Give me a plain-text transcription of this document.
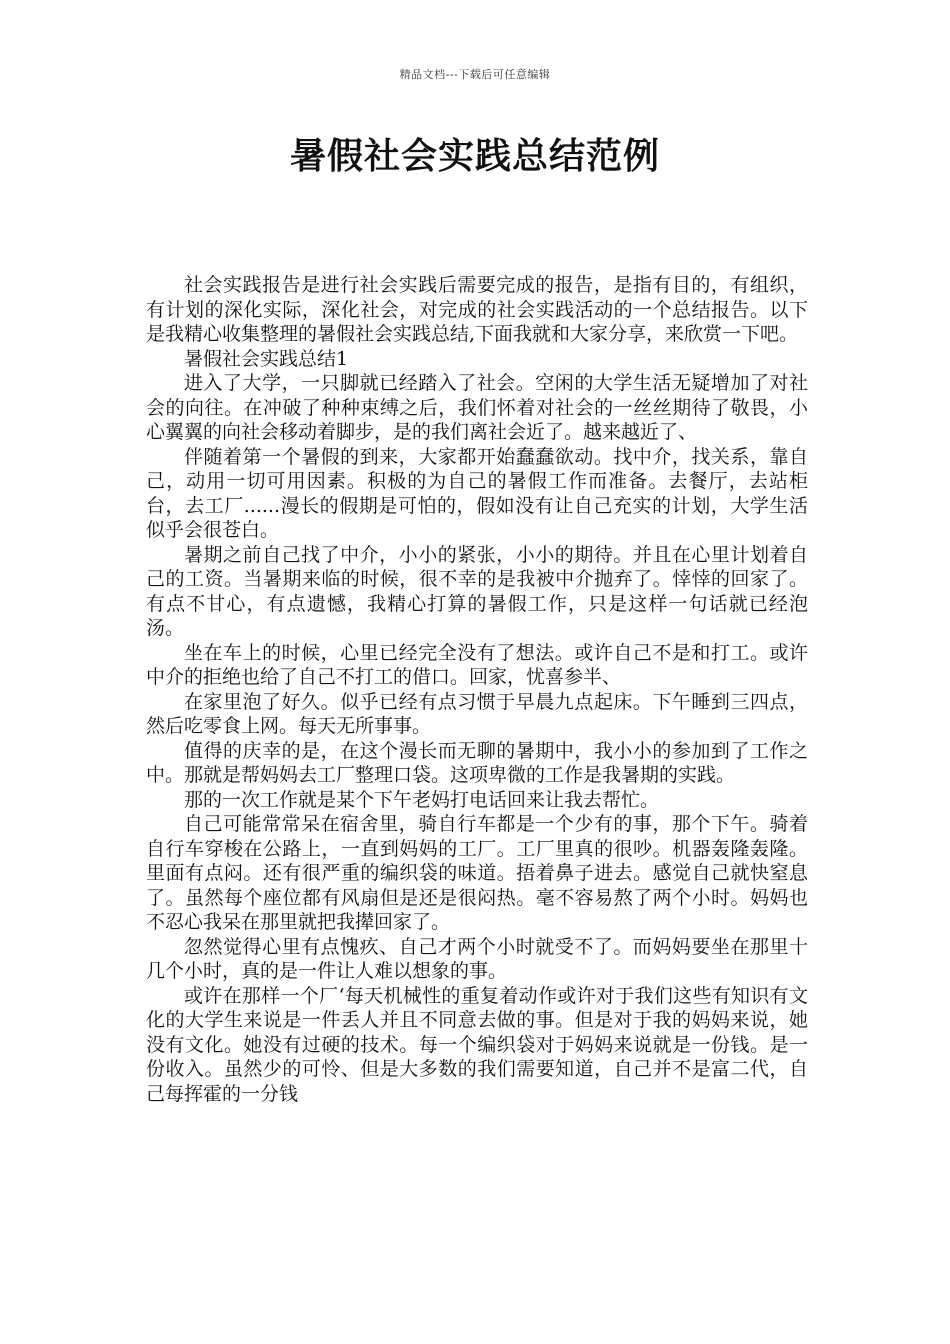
精品文档---下载后可任意编辑
暑假社会实践总结范例

社会实践报告是进行社会实践后需要完成的报告，是指有目的，有组织，有计划的深化实际，深化社会，对完成的社会实践活动的一个总结报告。以下是我精心收集整理的暑假社会实践总结,下面我就和大家分享，来欣赏一下吧。

暑假社会实践总结1

进入了大学，一只脚就已经踏入了社会。空闲的大学生活无疑增加了对社会的向往。在冲破了种种束缚之后，我们怀着对社会的一丝丝期待了敬畏，小心翼翼的向社会移动着脚步，是的我们离社会近了。越来越近了、

伴随着第一个暑假的到来，大家都开始蠢蠢欲动。找中介，找关系，靠自己，动用一切可用因素。积极的为自己的暑假工作而准备。去餐厅，去站柜台，去工厂......漫长的假期是可怕的，假如没有让自己充实的计划，大学生活似乎会很苍白。

暑期之前自己找了中介，小小的紧张，小小的期待。并且在心里计划着自己的工资。当暑期来临的时候，很不幸的是我被中介抛弃了。悻悻的回家了。有点不甘心，有点遗憾，我精心打算的暑假工作，只是这样一句话就已经泡汤。

坐在车上的时候，心里已经完全没有了想法。或许自己不是和打工。或许中介的拒绝也给了自己不打工的借口。回家，忧喜参半、

在家里泡了好久。似乎已经有点习惯于早晨九点起床。下午睡到三四点，然后吃零食上网。每天无所事事。

值得的庆幸的是，在这个漫长而无聊的暑期中，我小小的参加到了工作之中。那就是帮妈妈去工厂整理口袋。这项卑微的工作是我暑期的实践。

那的一次工作就是某个下午老妈打电话回来让我去帮忙。

自己可能常常呆在宿舍里，骑自行车都是一个少有的事，那个下午。骑着自行车穿梭在公路上，一直到妈妈的工厂。工厂里真的很吵。机器轰隆轰隆。里面有点闷。还有很严重的编织袋的味道。捂着鼻子进去。感觉自己就快窒息了。虽然每个座位都有风扇但是还是很闷热。毫不容易熬了两个小时。妈妈也不忍心我呆在那里就把我撵回家了。

忽然觉得心里有点愧疚、自己才两个小时就受不了。而妈妈要坐在那里十几个小时，真的是一件让人难以想象的事。

或许在那样一个厂‘每天机械性的重复着动作或许对于我们这些有知识有文化的大学生来说是一件丢人并且不同意去做的事。但是对于我的妈妈来说，她没有文化。她没有过硬的技术。每一个编织袋对于妈妈来说就是一份钱。是一份收入。虽然少的可怜、但是大多数的我们需要知道，自己并不是富二代，自己每挥霍的一分钱
